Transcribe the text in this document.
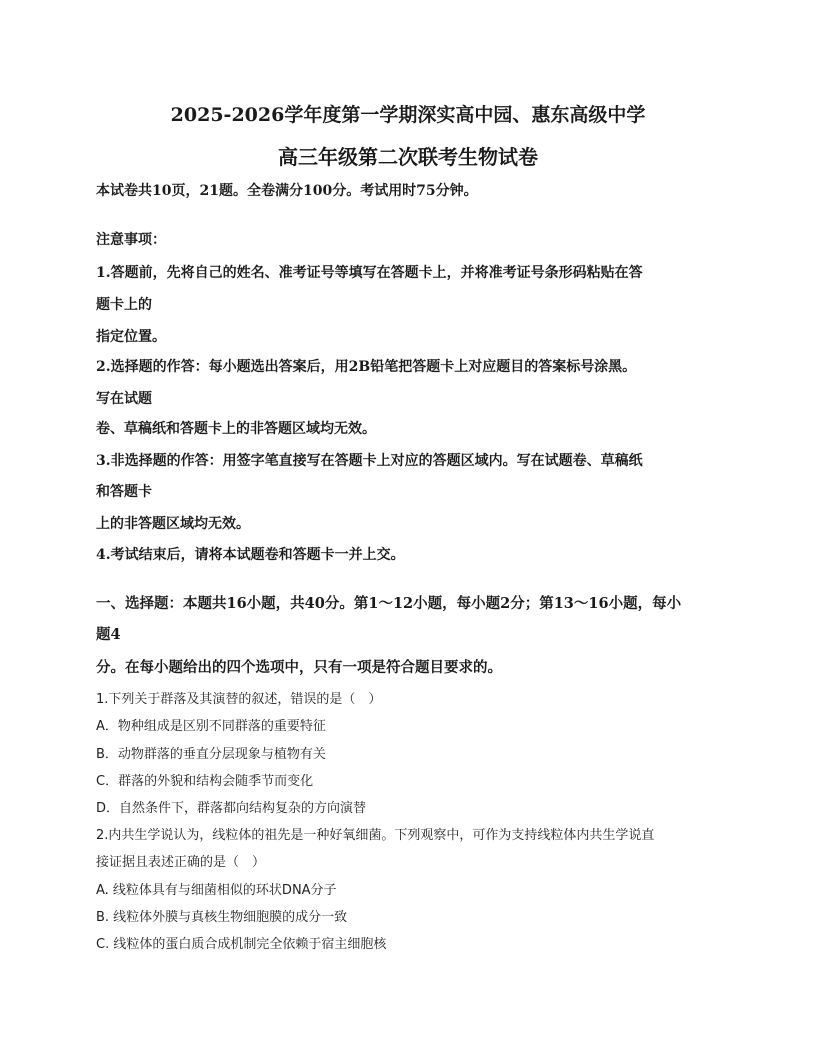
2025-2026学年度第一学期深实高中园、惠东高级中学
高三年级第二次联考生物试卷

本试卷共10页，21题。全卷满分100分。考试用时75分钟。

注意事项：

1.答题前，先将自己的姓名、准考证号等填写在答题卡上，并将准考证号条形码粘贴在答

题卡上的

指定位置。

2.选择题的作答：每小题选出答案后，用2B铅笔把答题卡上对应题目的答案标号涂黑。

写在试题

卷、草稿纸和答题卡上的非答题区域均无效。

3.非选择题的作答：用签字笔直接写在答题卡上对应的答题区域内。写在试题卷、草稿纸

和答题卡

上的非答题区域均无效。

4.考试结束后，请将本试题卷和答题卡一并上交。

一、选择题：本题共16小题，共40分。第1～12小题，每小题2分；第13～16小题，每小

题4

分。在每小题给出的四个选项中，只有一项是符合题目要求的。

1.下列关于群落及其演替的叙述，错误的是（　）

A．物种组成是区别不同群落的重要特征

B．动物群落的垂直分层现象与植物有关

C．群落的外貌和结构会随季节而变化

D．自然条件下，群落都向结构复杂的方向演替

2.内共生学说认为，线粒体的祖先是一种好氧细菌。下列观察中，可作为支持线粒体内共生学说直

接证据且表述正确的是（　）

A. 线粒体具有与细菌相似的环状DNA分子

B. 线粒体外膜与真核生物细胞膜的成分一致

C. 线粒体的蛋白质合成机制完全依赖于宿主细胞核
